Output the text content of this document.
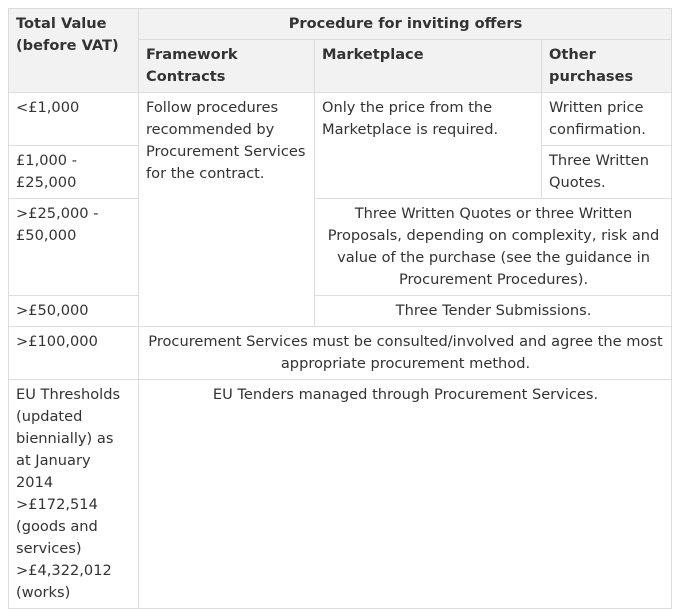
Total Value (before VAT)	Procedure for inviting offers		
	Framework Contracts	Marketplace	Other purchases
<£1,000	Follow procedures recommended by Procurement Services for the contract.	Only the price from the Marketplace is required.	Written price confirmation.
£1,000 - £25,000			Three Written Quotes.
>£25,000 - £50,000		Three Written Quotes or three Written Proposals, depending on complexity, risk and value of the purchase (see the guidance in Procurement Procedures).	
>£50,000		Three Tender Submissions.	
>£100,000	Procurement Services must be consulted/involved and agree the most appropriate procurement method.		

EU Thresholds (updated biennially) as at January 2014
>£172,514 (goods and services)
>£4,322,012 (works)	EU Tenders managed through Procurement Services.		
